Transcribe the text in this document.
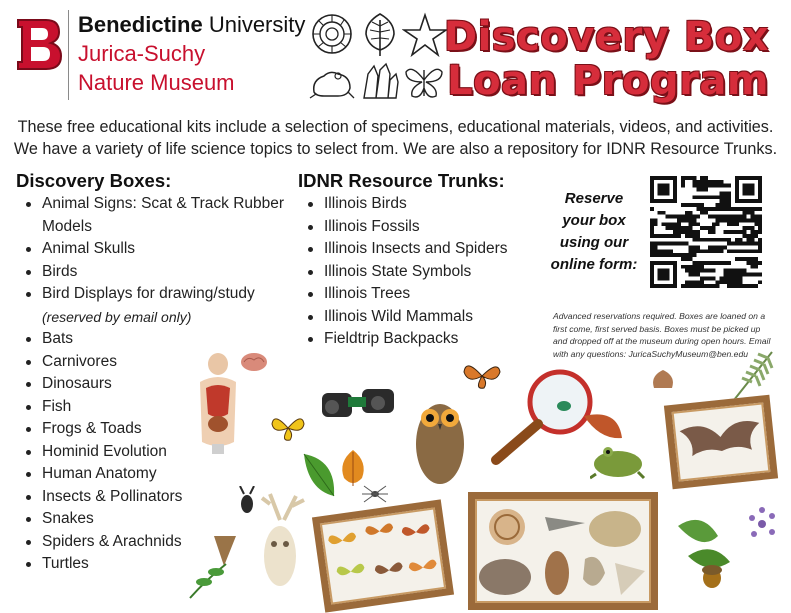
Benedictine University
Jurica-Suchy
Nature Museum
Discovery Box
Loan Program
These free educational kits include a selection of specimens, educational materials, videos, and activities.
We have a variety of life science topics to select from. We are also a repository for IDNR Resource Trunks.
Discovery Boxes:
Animal Signs: Scat & Track Rubber Models
Animal Skulls
Birds
Bird Displays for drawing/study
(reserved by email only)
Bats
Carnivores
Dinosaurs
Fish
Frogs & Toads
Hominid Evolution
Human Anatomy
Insects & Pollinators
Snakes
Spiders & Arachnids
Turtles
IDNR Resource Trunks:
Illinois Birds
Illinois Fossils
Illinois Insects and Spiders
Illinois State Symbols
Illinois Trees
Illinois Wild Mammals
Fieldtrip Backpacks
Reserve
your box
using our
online form:
Advanced reservations required. Boxes are loaned on a first come, first served basis. Boxes must be picked up and dropped off at the museum during open hours. Email with any questions: JuricaSuchyMuseum@ben.edu
